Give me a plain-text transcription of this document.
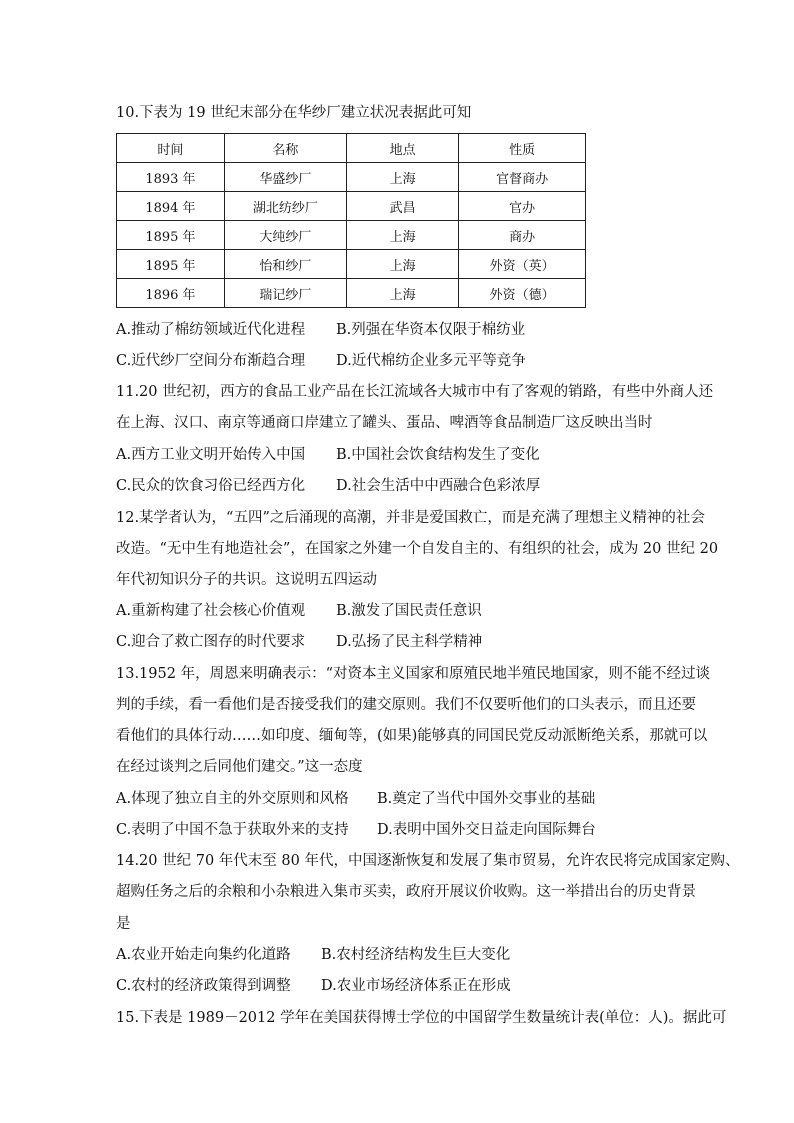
10.下表为 19 世纪末部分在华纱厂建立状况表据此可知
时间	名称	地点	性质
1893 年	华盛纱厂	上海	官督商办
1894 年	湖北纺纱厂	武昌	官办
1895 年	大纯纱厂	上海	商办
1895 年	怡和纱厂	上海	外资（英）
1896 年	瑞记纱厂	上海	外资（德）
A.推动了棉纺领域近代化进程 B.列强在华资本仅限于棉纺业
C.近代纱厂空间分布渐趋合理 D.近代棉纺企业多元平等竞争
11.20 世纪初，西方的食品工业产品在长江流域各大城市中有了客观的销路，有些中外商人还
在上海、汉口、南京等通商口岸建立了罐头、蛋品、啤酒等食品制造厂这反映出当时
A.西方工业文明开始传入中国 B.中国社会饮食结构发生了变化
C.民众的饮食习俗已经西方化 D.社会生活中中西融合色彩浓厚
12.某学者认为，“五四”之后涌现的高潮，并非是爱国救亡，而是充满了理想主义精神的社会
改造。“无中生有地造社会”，在国家之外建一个自发自主的、有组织的社会，成为 20 世纪 20
年代初知识分子的共识。这说明五四运动
A.重新构建了社会核心价值观 B.激发了国民责任意识
C.迎合了救亡图存的时代要求 D.弘扬了民主科学精神
13.1952 年，周恩来明确表示：“对资本主义国家和原殖民地半殖民地国家，则不能不经过谈
判的手续，看一看他们是否接受我们的建交原则。我们不仅要听他们的口头表示，而且还要
看他们的具体行动……如印度、缅甸等，(如果)能够真的同国民党反动派断绝关系，那就可以
在经过谈判之后同他们建交。”这一态度
A.体现了独立自主的外交原则和风格 B.奠定了当代中国外交事业的基础
C.表明了中国不急于获取外来的支持 D.表明中国外交日益走向国际舞台
14.20 世纪 70 年代末至 80 年代，中国逐渐恢复和发展了集市贸易，允许农民将完成国家定购、
超购任务之后的余粮和小杂粮进入集市买卖，政府开展议价收购。这一举措出台的历史背景
是
A.农业开始走向集约化道路 B.农村经济结构发生巨大变化
C.农村的经济政策得到调整 D.农业市场经济体系正在形成
15.下表是 1989－2012 学年在美国获得博士学位的中国留学生数量统计表(单位：人)。据此可
